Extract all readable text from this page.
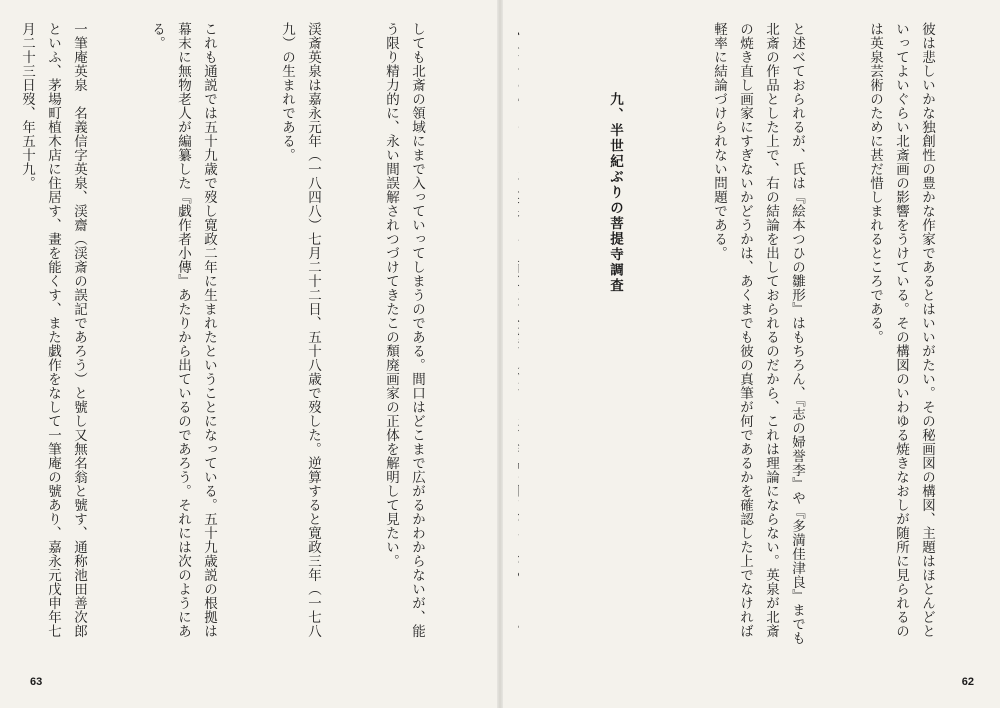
彼は悲しいかな独創性の豊かな作家であるとはいいがたい。その秘画図の構図、主題はほとんどといってよいぐらい北斎画の影響をうけている。その構図のいわゆる焼きなおしが随所に見られるのは英泉芸術のために甚だ惜しまれるところである。

と述べておられるが、氏は『絵本つひの雛形』はもちろん、『志の婦誉李』や『多満佳津良』までも北斎の作品とした上で、右の結論を出しておられるのだから、これは理論にならない。英泉が北斎の焼き直し画家にすぎないかどうかは、あくまでも彼の真筆が何であるかを確認した上でなければ軽率に結論づけられない問題である。

九、半世紀ぶりの菩提寺調査

62

しても北斎の領域にまで入っていってしまうのである。間口はどこまで広がるかわからないが、能う限り精力的に、永い間誤解されつづけてきたこの頽廃画家の正体を解明して見たい。

渓斎英泉は嘉永元年（一八四八）七月二十二日、五十八歳で歿した。逆算すると寛政三年（一七八九）の生まれである。

これも通説では五十九歳で歿し寛政二年に生まれたということになっている。五十九歳説の根拠は幕末に無物老人が編纂した『戯作者小傳』あたりから出ているのであろう。それには次のようにある。

一筆庵英泉　名義信字英泉、渓齋（渓斎の誤記であろう）と號し又無名翁と號す、通称池田善次郎といふ、茅場町植木店に住居す、畫を能くす、また戯作をなして一筆庵の號あり、嘉永元戊申年七月二十三日歿、年五十九。

63
